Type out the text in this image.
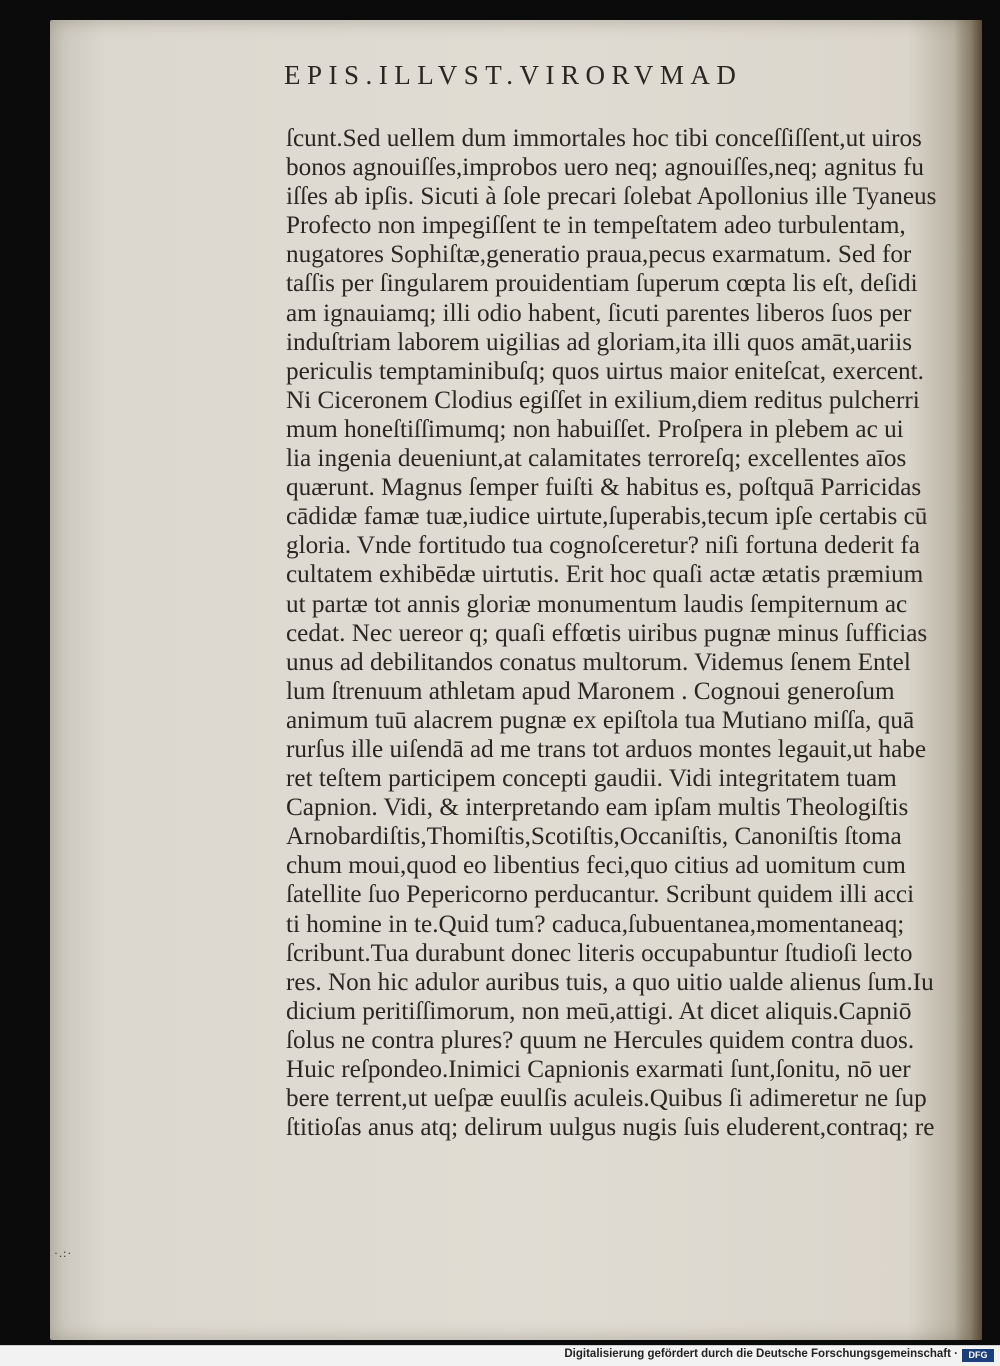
EPIS.ILLVST.VIRORVMAD
ſcunt.Sed uellem dum immortales hoc tibi conceſſiſſent,ut uiros
bonos agnouiſſes,improbos uero neq; agnouiſſes,neq; agnitus fu
iſſes ab ipſis. Sicuti à ſole precari ſolebat Apollonius ille Tyaneus
Profecto non impegiſſent te in tempeſtatem adeo turbulentam,
nugatores Sophiſtæ,generatio praua,pecus exarmatum. Sed for
taſſis per ſingularem prouidentiam ſuperum cœpta lis eſt, deſidi
am ignauiamq; illi odio habent, ſicuti parentes liberos ſuos per
induſtriam laborem uigilias ad gloriam,ita illi quos amāt,uariis
periculis temptaminibuſq; quos uirtus maior eniteſcat, exercent.
Ni Ciceronem Clodius egiſſet in exilium,diem reditus pulcherri
mum honeſtiſſimumq; non habuiſſet. Proſpera in plebem ac ui
lia ingenia deueniunt,at calamitates terroreſq; excellentes aīos
quærunt. Magnus ſemper fuiſti & habitus es, poſtquā Parricidas
cādidæ famæ tuæ,iudice uirtute,ſuperabis,tecum ipſe certabis cū
gloria. Vnde fortitudo tua cognoſceretur? niſi fortuna dederit fa
cultatem exhibēdæ uirtutis. Erit hoc quaſi actæ ætatis præmium
ut partæ tot annis gloriæ monumentum laudis ſempiternum ac
cedat. Nec uereor q; quaſi effœtis uiribus pugnæ minus ſufficias
unus ad debilitandos conatus multorum. Videmus ſenem Entel
lum ſtrenuum athletam apud Maronem . Cognoui generoſum
animum tuū alacrem pugnæ ex epiſtola tua Mutiano miſſa, quā
rurſus ille uiſendā ad me trans tot arduos montes legauit,ut habe
ret teſtem participem concepti gaudii. Vidi integritatem tuam
Capnion. Vidi, & interpretando eam ipſam multis Theologiſtis
Arnobardiſtis,Thomiſtis,Scotiſtis,Occaniſtis, Canoniſtis ſtoma
chum moui,quod eo libentius feci,quo citius ad uomitum cum
ſatellite ſuo Pepericorno perducantur. Scribunt quidem illi acci
ti homine in te.Quid tum? caduca,ſubuentanea,momentaneaq;
ſcribunt.Tua durabunt donec literis occupabuntur ſtudioſi lecto
res. Non hic adulor auribus tuis, a quo uitio ualde alienus ſum.Iu
dicium peritiſſimorum, non meū,attigi. At dicet aliquis.Capniō
ſolus ne contra plures? quum ne Hercules quidem contra duos.
Huic reſpondeo.Inimici Capnionis exarmati ſunt,ſonitu, nō uer
bere terrent,ut ueſpæ euulſis aculeis.Quibus ſi adimeretur ne ſup
ſtitioſas anus atq; delirum uulgus nugis ſuis eluderent,contraq; re
·.:·
Digitalisierung gefördert durch die Deutsche Forschungsgemeinschaft ·	DFG
